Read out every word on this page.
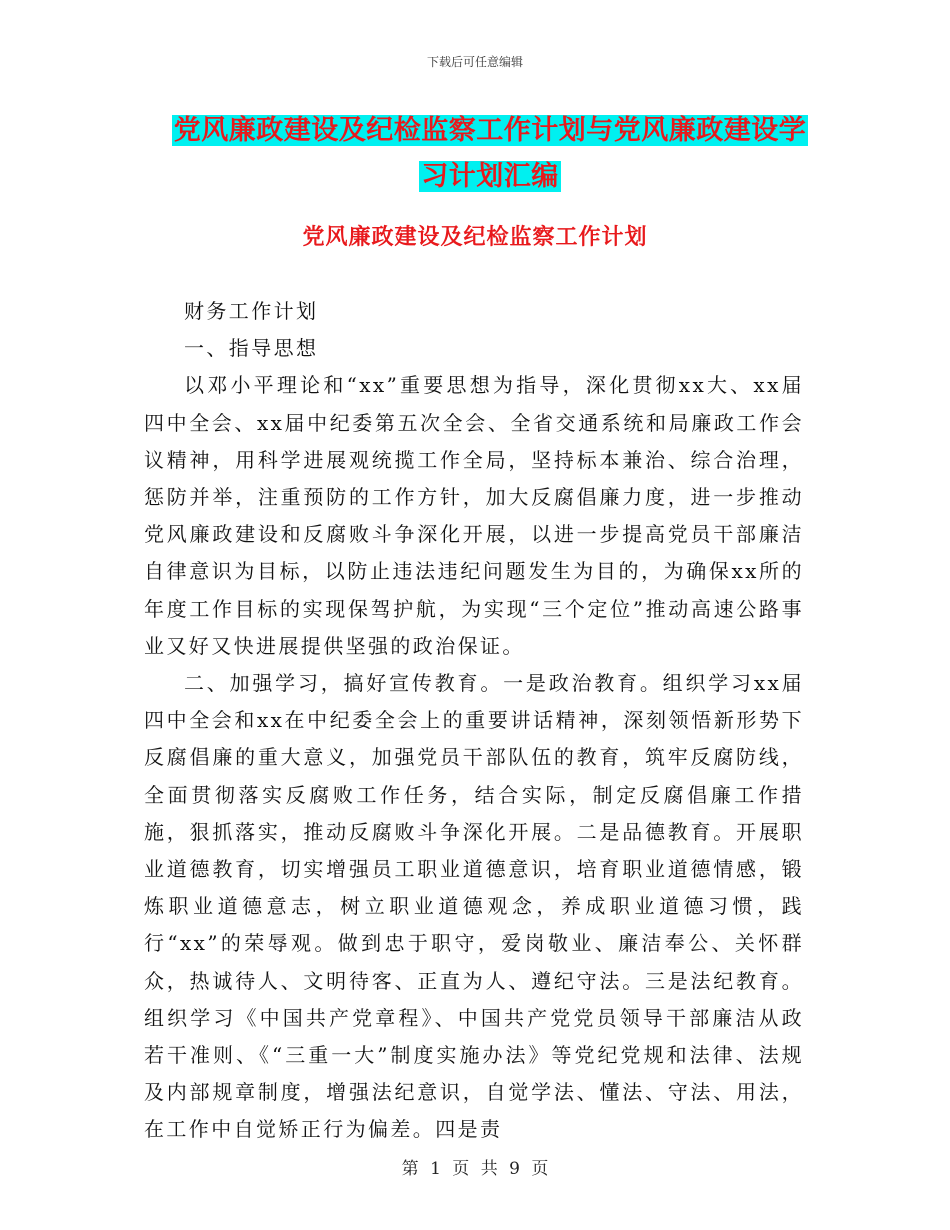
下载后可任意编辑
党风廉政建设及纪检监察工作计划与党风廉政建设学
习计划汇编
党风廉政建设及纪检监察工作计划

财务工作计划

一、指导思想

以邓小平理论和“xx”重要思想为指导，深化贯彻xx大、xx届四中全会、xx届中纪委第五次全会、全省交通系统和局廉政工作会议精神，用科学进展观统揽工作全局，坚持标本兼治、综合治理，惩防并举，注重预防的工作方针，加大反腐倡廉力度，进一步推动党风廉政建设和反腐败斗争深化开展，以进一步提高党员干部廉洁自律意识为目标，以防止违法违纪问题发生为目的，为确保xx所的年度工作目标的实现保驾护航，为实现“三个定位”推动高速公路事业又好又快进展提供坚强的政治保证。

二、加强学习，搞好宣传教育。一是政治教育。组织学习xx届四中全会和xx在中纪委全会上的重要讲话精神，深刻领悟新形势下反腐倡廉的重大意义，加强党员干部队伍的教育，筑牢反腐防线，全面贯彻落实反腐败工作任务，结合实际，制定反腐倡廉工作措施，狠抓落实，推动反腐败斗争深化开展。二是品德教育。开展职业道德教育，切实增强员工职业道德意识，培育职业道德情感，锻炼职业道德意志，树立职业道德观念，养成职业道德习惯，践行“xx”的荣辱观。做到忠于职守，爱岗敬业、廉洁奉公、关怀群众，热诚待人、文明待客、正直为人、遵纪守法。三是法纪教育。组织学习《中国共产党章程》、中国共产党党员领导干部廉洁从政若干准则、《“三重一大”制度实施办法》等党纪党规和法律、法规及内部规章制度，增强法纪意识，自觉学法、懂法、守法、用法，在工作中自觉矫正行为偏差。四是责

第 1 页 共 9 页
